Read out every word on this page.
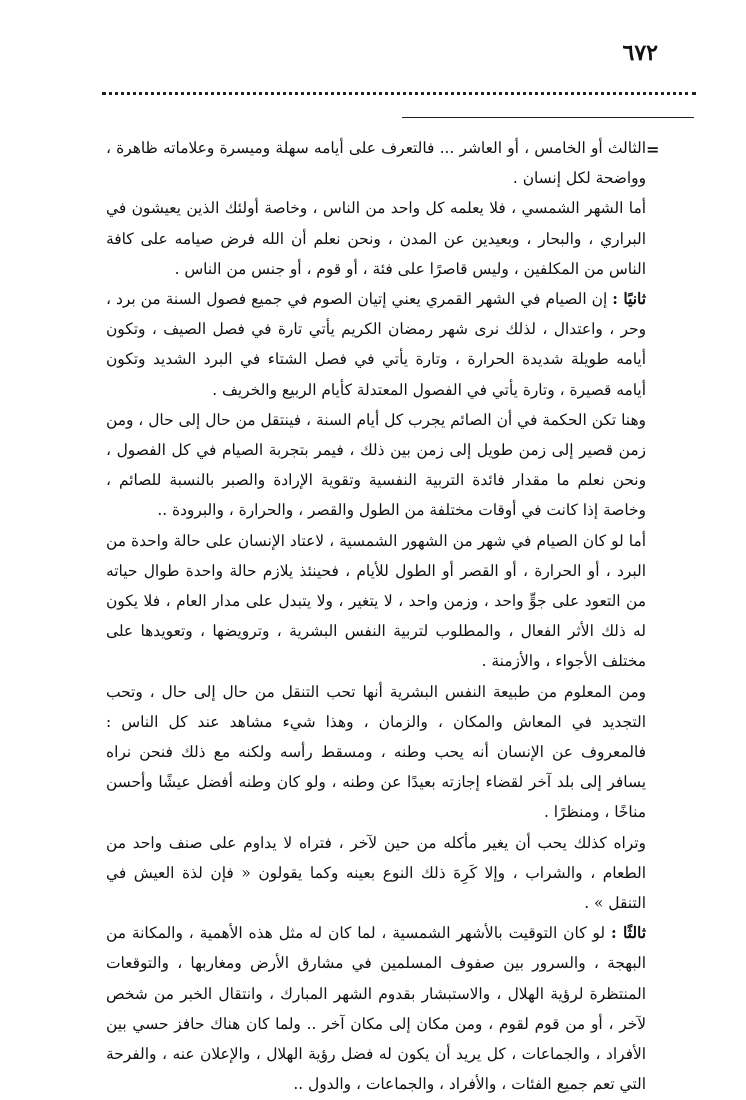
٦٧٢
=

الثالث أو الخامس ، أو العاشر ... فالتعرف على أيامه سهلة وميسرة وعلاماته ظاهرة ، وواضحة لكل إنسان .

أما الشهر الشمسي ، فلا يعلمه كل واحد من الناس ، وخاصة أولئك الذين يعيشون في البراري ، والبحار ، وبعيدين عن المدن ، ونحن نعلم أن الله فرض صيامه على كافة الناس من المكلفين ، وليس قاصرًا على فئة ، أو قوم ، أو جنس من الناس .

ثانيًا : إن الصيام في الشهر القمري يعني إتيان الصوم في جميع فصول السنة من برد ، وحر ، واعتدال ، لذلك نرى شهر رمضان الكريم يأتي تارة في فصل الصيف ، وتكون أيامه طويلة شديدة الحرارة ، وتارة يأتي في فصل الشتاء في البرد الشديد وتكون أيامه قصيرة ، وتارة يأتي في الفصول المعتدلة كأيام الربيع والخريف .

وهنا تكن الحكمة في أن الصائم يجرب كل أيام السنة ، فينتقل من حال إلى حال ، ومن زمن قصير إلى زمن طويل إلى زمن بين ذلك ، فيمر بتجربة الصيام في كل الفصول ، ونحن نعلم ما مقدار فائدة التربية النفسية وتقوية الإرادة والصبر بالنسبة للصائم ، وخاصة إذا كانت في أوقات مختلفة من الطول والقصر ، والحرارة ، والبرودة ..

أما لو كان الصيام في شهر من الشهور الشمسية ، لاعتاد الإنسان على حالة واحدة من البرد ، أو الحرارة ، أو القصر أو الطول للأيام ، فحينئذ يلازم حالة واحدة طوال حياته من التعود على جوٍّ واحد ، وزمن واحد ، لا يتغير ، ولا يتبدل على مدار العام ، فلا يكون له ذلك الأثر الفعال ، والمطلوب لتربية النفس البشرية ، وترويضها ، وتعويدها على مختلف الأجواء ، والأزمنة .

ومن المعلوم من طبيعة النفس البشرية أنها تحب التنقل من حال إلى حال ، وتحب التجديد في المعاش والمكان ، والزمان ، وهذا شيء مشاهد عند كل الناس : فالمعروف عن الإنسان أنه يحب وطنه ، ومسقط رأسه ولكنه مع ذلك فنحن نراه يسافر إلى بلد آخر لقضاء إجازته بعيدًا عن وطنه ، ولو كان وطنه أفضل عيشًا وأحسن مناخًا ، ومنظرًا .

وتراه كذلك يحب أن يغير مأكله من حين لآخر ، فتراه لا يداوم على صنف واحد من الطعام ، والشراب ، وإلا كَرِهَ ذلك النوع بعينه وكما يقولون « فإن لذة العيش في التنقل » .

ثالثًا : لو كان التوقيت بالأشهر الشمسية ، لما كان له مثل هذه الأهمية ، والمكانة من البهجة ، والسرور بين صفوف المسلمين في مشارق الأرض ومغاربها ، والتوقعات المنتظرة لرؤية الهلال ، والاستبشار بقدوم الشهر المبارك ، وانتقال الخبر من شخص لآخر ، أو من قوم لقوم ، ومن مكان إلى مكان آخر .. ولما كان هناك حافز حسي بين الأفراد ، والجماعات ، كل يريد أن يكون له فضل رؤية الهلال ، والإعلان عنه ، والفرحة التي تعم جميع الفئات ، والأفراد ، والجماعات ، والدول ..
